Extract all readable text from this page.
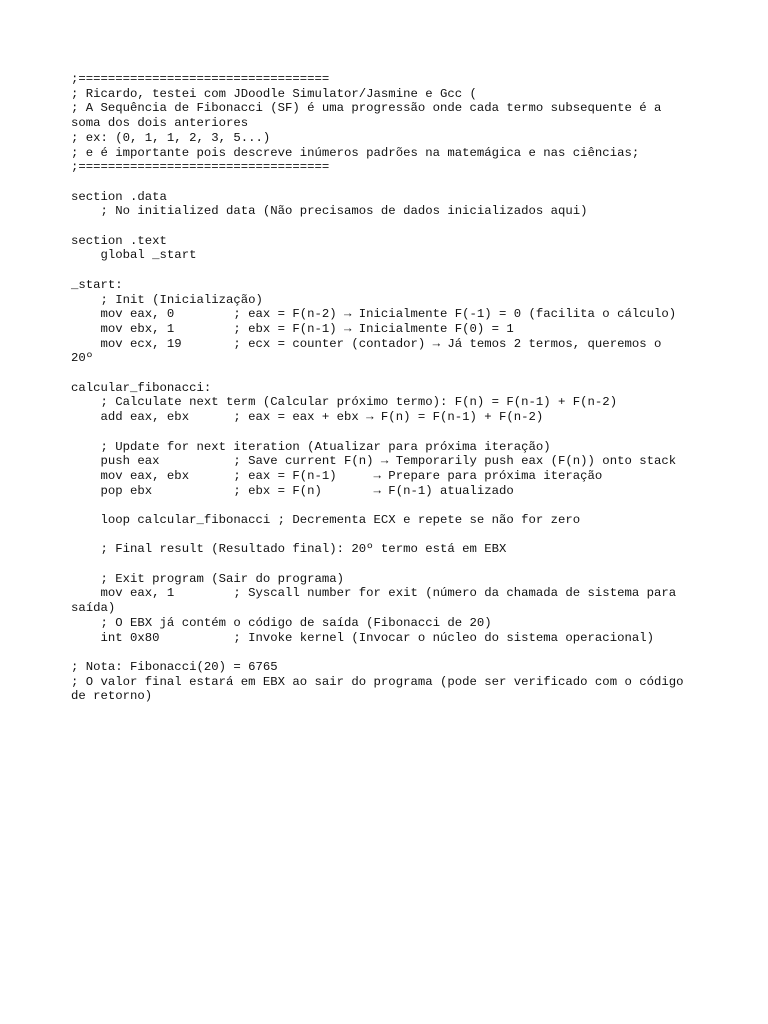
;==================================
; Ricardo, testei com JDoodle Simulator/Jasmine e Gcc (
; A Sequência de Fibonacci (SF) é uma progressão onde cada termo subsequente é a
soma dos dois anteriores
; ex: (0, 1, 1, 2, 3, 5...)
; e é importante pois descreve inúmeros padrões na matemágica e nas ciências;
;==================================
section .data
; No initialized data (Não precisamos de dados inicializados aqui)
section .text
global _start
_start:
; Init (Inicialização)
mov eax, 0        ; eax = F(n-2) → Inicialmente F(-1) = 0 (facilita o cálculo)
mov ebx, 1        ; ebx = F(n-1) → Inicialmente F(0) = 1
mov ecx, 19       ; ecx = counter (contador) → Já temos 2 termos, queremos o
20º
calcular_fibonacci:
; Calculate next term (Calcular próximo termo): F(n) = F(n-1) + F(n-2)
add eax, ebx      ; eax = eax + ebx → F(n) = F(n-1) + F(n-2)
; Update for next iteration (Atualizar para próxima iteração)
push eax          ; Save current F(n) → Temporarily push eax (F(n)) onto stack
mov eax, ebx      ; eax = F(n-1)     → Prepare para próxima iteração
pop ebx           ; ebx = F(n)       → F(n-1) atualizado
loop calcular_fibonacci ; Decrementa ECX e repete se não for zero
; Final result (Resultado final): 20º termo está em EBX
; Exit program (Sair do programa)
mov eax, 1        ; Syscall number for exit (número da chamada de sistema para
saída)
; O EBX já contém o código de saída (Fibonacci de 20)
int 0x80          ; Invoke kernel (Invocar o núcleo do sistema operacional)
; Nota: Fibonacci(20) = 6765
; O valor final estará em EBX ao sair do programa (pode ser verificado com o código
de retorno)
